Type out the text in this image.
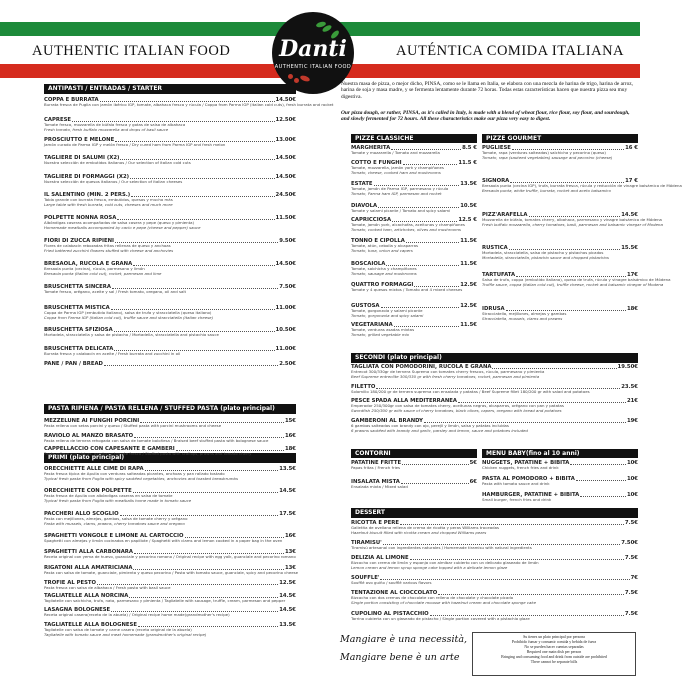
AUTHENTIC ITALIAN FOOD	AUTÉNTICA COMIDA ITALIANA
Danti
AUTHENTIC ITALIAN FOOD
Nuestra masa de pizza, o mejor dicho, PINSA, como se le llama en Italia, se elabora con una mezcla de harina de trigo, harina de arroz, harina de soja y masa madre, y se fermenta lentamente durante 72 horas. Todas estas características hacen que nuestra pizza sea muy digestiva.
Our pizza dough, or rather, PINSA, as it's called in Italy, is made with a blend of wheat flour, rice flour, soy flour, and sourdough, and slowly fermented for 72 hours. All these characteristics make our pizza very easy to digest.
ANTIPASTI / ENTRADAS / STARTER
PASTA RIPIENA / PASTA RELLENA / STUFFED PASTA (plato principal)
PRIMI (plato principal)
PIZZE CLASSICHE	PIZZE GOURMET
SECONDI (plato principal)
CONTORNI	MENU BABY(fino al 10 anni)
DESSERT
COPPA E BURRATA	14.50€
Burrata fresca de Puglia con jamón ibérico IGP, tomate, albahaca fresca y rúcula / Coppa from Parma IGP (italian cold cuts), fresh burrata and rocket
CAPRESE	12.50€
Tomate fresco, mozzarella de búfala fresca y gotas de salsa de albahaca
Fresh tomato, fresh buffalo mozzarella and drops of basil sauce
PROSCIUTTO E MELONE	13.00€
Jamón curado de Parma IGP y melón fresco / Dry cured ham from Parma IGP and fresh melon
TAGLIERE DI SALUMI (X2)	14.50€
Nuestra selección de embutidos italianos / Our selection of italian cold cuts
TAGLIERE DI FORMAGGI (X2)	14.50€
Nuestra selección de quesos italianos / Our selection of italian cheeses
IL SALENTINO (MIN. 2 PERS.)	24.50€
Tabla grande con burrata fresca, embutidos, quesos y mucho más
Large table with fresh burrata, cold cuts, cheeses and much more
POLPETTE NONNA ROSA	11.50€
Albóndigas caseras acompañadas de salsa casera y pepe (queso y pimienta)
Homemade meatballs accompanied by cacio e pepe (cheese and pepper) sauce
FIORI DI ZUCCA RIPIENI	9.50€
Flores de calabacín rebozadas fritas rellenas de queso y anchoas
Fried battered zucchini flowers stuffed with cheese and anchovies
BRESAOLA, RUCOLA E GRANA	14.50€
Bresaola punta (cecina), rúcula, parmesano y limón
Bresaola punta (Italian cold cut), rocket, parmesan and lime
BRUSCHETTA SINCERA	7.50€
Tomate fresco, orégano, aceite y sal / Fresh tomato, oregano, oil and salt
BRUSCHETTA MISTICA	11.00€
Coppa de Parma IGP (embutido italiano), salsa de trufa y stracciatella (queso italiano)
Coppa from Parma IGP (italian cold cut), truffle sauce and stracciatella (italian cheese)
BRUSCHETTA SFIZIOSA	10.50€
Mortadela, stracciatella y salsa de pistacho / Mortadella, stracciatella and pistachio sauce
BRUSCHETTA DELICATA	11.00€
Burrata fresca y calabacín en aceite / Fresh burrata and zucchini in oil
PANE / PAN / BREAD	2.50€
MEZZELUNE AI FUNGHI PORCINI	15€
Pasta rellena con setas porcini y queso / Stuffed pasta with porcini mushrooms and cheese
RAVIOLO AL MANZO BRASATO	16€
Pasta rellena de ternera rehogada con salsa de tomate boloñesa / Braised beef stuffed pasta with bolognese sauce
CAPPELLACCIO CON CAPESANTE E GAMBERI	18€
Pasta rellena con vieiras, gambas y tomate fresco / Stuffed pasta with scallops, prawns and tomato cherry
ORECCHIETTE ALLE CIME DI RAPA	13.5€
Pasta fresca típica de Apulia con verduras salteadas picantes, anchoas y pan rallado tostado
Typical fresh pasta from Puglia with spicy sautéed vegetables, anchovies and toasted breadcrumbs
ORECCHIETTE CON POLPETTE	14.5€
Pasta fresca de Apulia con albóndigas caseras en salsa de tomate
Typical fresh pasta from Puglia with meatballs home made in tomato sauce
PACCHERI ALLO SCOGLIO	17.5€
Pasta con mejillones, almejas, gambas, salsa de tomate cherry y orégano
Pasta with mussels, clams, prawns, cherry tomatoes sauce and oregano
SPAGHETTI VONGOLE E LIMONE AL CARTOCCIO	16€
Spaghetti con almejas y limón cocinados en papillote / Spaghetti with clams and lemon cooked in a paper bag in the oven
SPAGHETTI ALLA CARBONARA	13€
Receta original con yema de huevo, guanciale y pecorino romano / Original recipe with egg yolk, guanciale and pecorino romano
RIGATONI ALLA AMATRICIANA	13€
Pasta con salsa de tomate, guanciale, pimienta y queso pecorino / Pasta with tomato sauce, guanciale, spicy and pecorino cheese
TROFIE AL PESTO	12.5€
Pasta fresca con salsa de albahaca / Fresh pasta with basil sauce
TAGLIATELLE ALLA NORCINA	14.5€
Tagliatelle con salchicha, trufa, nata, parmesano y pimienta / Tagliatelle with sausage, truffle, cream, parmesan and pepper
LASAGNA BOLOGNESE	14.5€
Receta original casera(receta de la abuela) / Original recipe home made(grandmother's recipe)
TAGLIATELLE ALLA BOLOGNESE	13.5€
Tagliatelle con salsa de tomate y carne casera (receta original de la abuela)
Tagliatelle with tomato sauce and meat homemade (grandmother's original recipe)
MARGHERITA	8.5 €
Tomate y mozzarella / Tomato and mozzarella
COTTO E FUNGHI	11.5 €
Tomate, mozzarella, jamón york y champiñones
Tomato, cheese, cooked ham and mushrooms
ESTATE	13.5€
Tomate, jamón de Parma IGP, parmesano y rúcula
Tomato, Parma ham IGP, parmesan and rocket
DIAVOLA	10.5€
Tomate y salami picante / Tomato and spicy salami
CAPRICCIOSA	12.5 €
Tomate, jamón york, alcachofas, aceitunas y champiñones
Tomato, cooked ham, artichokes, olives and mushrooms
TONNO E CIPOLLA	11.5€
Tomate, atún, cebolla y alcaparras
Tomato, tuna, onion and capers
BOSCAIOLA	11.5€
Tomate, salchicha y champiñones
Tomato, sausage and mushrooms
QUATTRO FORMAGGI	12.5€
Tomate y 4 quesos mixtos / Tomato and 4 mixed cheeses
GUSTOSA	12.5€
Tomate, gorgonzola y salami picante
Tomato, gorgonzola and spicy salami
VEGETARIANA	11.5€
Tomate, verduras asadas mixtas
Tomato, grilled vegetable mix
PUGLIESE	16 €
Tomate, rapa (verduras salteadas) salchicha y pecorino (queso)
Tomato, rapa (sauteed vegetables) sausage and pecorino (cheese)
SIGNORA	17 €
Bresaola punta (cecina IGP), trufa, burrata fresca, rúcula y reducción de vinagre balsámico de Módena
Bresaola punta, white truffle, burrata, rocket and aceto balsamico
PIZZ'ARAFELLA	14.5€
Mozzarella de búfala, tomates cherry, albahaca, parmesano y vinagre balsámico de Módena
Fresh buffalo mozzarella, cherry tomatoes, basil, parmesan and balsamic vinegar of Modena
RUSTICA	15.5€
Mortadela, stracciatella, salsa de pistacho y pistachos picados
Mortadella, stracciatella, pistachio sauce and chopped pistachios
TARTUFATA	17€
Salsa de trufa, coppa (embutido italiano), queso de trufa, rúcula y vinagre balsámico de Módena
Truffle sauce, coppa (italian cold cut), truffle cheese, rocket and balsamic vinegar of Modena
IDRUSA	18€
Stracciatella, mejillones, almejas y gambas
Stracciatella, mussels, clams and prawns
TAGLIATA CON POMODORINI, RUCOLA E GRANA	19.50€
Entrecot 300/330gr de ternera Suprema con tomates cherry frescos, rúcula, parmesano y pimienta
Beef Supreme entrecôte 300/330 gr with fresh cherry tomatoes, rocket, parmesan and pimienta
FILETTO	23.5€
Solomillo 180/200 gr de ternera suprema con ensalada y patatas / Beef Supreme fillet 180/200 gr with salad and potatoes
PESCE SPADA ALLA MEDITERRANEA	21€
Emperador 250/300gr con salsa de tomates cherry, aceitunas negras, alcaparras, orégano con pan y patatas
Swordfish 250/300 gr with sauce of cherry tomatoes, black olives, capers, oregano with bread and potatoes
GAMBERONI AL BRANDY	19€
6 gambas salteadas con brandy con ajo, perejil y limón, salsa y patatas incluidas
6 prawns sautéed with brandy and garlic, parsley and lemon, sauce and potatoes included
PATATINE FRITTE	5€
Papas fritas / French fries
INSALATA MISTA	6€
Ensalada mixta / Mixed salad
NUGGETS, PATATINE + BIBITA	10€
Chicken nuggets, french fries and drink
PASTA AL POMODORO + BIBITA	10€
Pasta with tomato sauce and drink
HAMBURGER, PATATINE + BIBITA	10€
Small burger, french fries and drink
RICOTTA E PERE	7.5€
Galletita de avellana rellena de crema de ricotta y peras Williams troceadas
Hazelnut biscuit filled with ricotta cream and chopped Williams pears
TIRAMISU'	7.50€
Tiramisú artesanal con ingredientes naturales / Homemade tiramisu with natural ingredients
DELIZIA AL LIMONE	7.5€
Bizcocho con crema de limón y esponja con almíbar cubierto con un delicado glaseado de limón
Lemon cream and lemon syrup sponge cake topped with a delicate lemon glaze
SOUFFLE'	7€
Soufflé ovo guiño / soufflé various flavors
TENTAZIONE AL CIOCCOLATO	7.5€
Bizcocho con dos cremas de chocolate con relleno de chocolate y chocolate picado
Single portion consisting of chocolate mousse with hazelnut cream and chocolate sponge cake
CUPOLINO AL PISTACCHIO	7.5€
Tarrina cubierta con un glaseado de pistacho / Single portion covered with a pistachio glaze
Mangiare è una necessità,
Mangiare bene è un arte
Su tienes un plato principal por persona
Prohibido fumar y consumir comida y bebida de fuera
No se pueden hacer cuentas separadas
Required one main dish per person
Bringing and consuming food and drink from outside are prohibited
There cannot be separate bills
